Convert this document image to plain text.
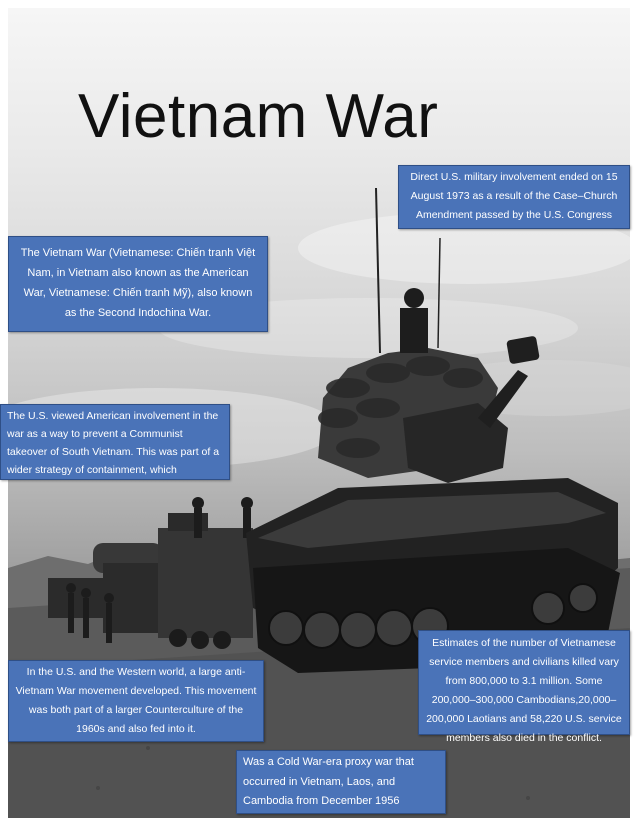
Vietnam War

Direct U.S. military involvement ended on 15 August 1973 as a result of the Case–Church Amendment passed by the U.S. Congress

The Vietnam War (Vietnamese: Chiến tranh Việt Nam, in Vietnam also known as the American War, Vietnamese: Chiến tranh Mỹ), also known as the Second Indochina War.

The U.S. viewed American involvement in the war as a way to prevent a Communist takeover of South Vietnam. This was part of a wider strategy of containment, which

In the U.S. and the Western world, a large anti-Vietnam War movement developed. This movement was both part of a larger Counterculture of the 1960s and also fed into it.

Estimates of the number of Vietnamese service members and civilians killed vary from 800,000 to 3.1 million. Some 200,000–300,000 Cambodians,20,000–200,000 Laotians and 58,220 U.S. service members also died in the conflict.

Was a Cold War-era proxy war that occurred in Vietnam, Laos, and Cambodia from December 1956
